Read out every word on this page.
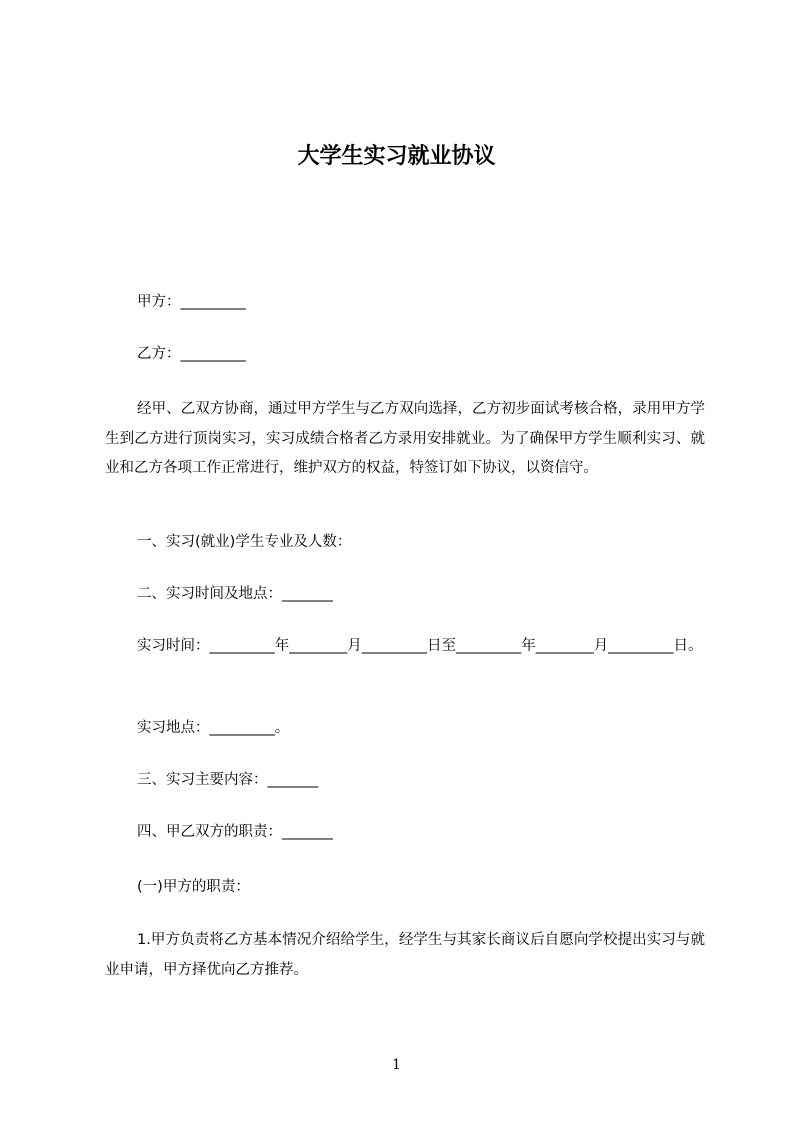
大学生实习就业协议
甲方：_________
乙方：_________
经甲、乙双方协商，通过甲方学生与乙方双向选择，乙方初步面试考核合格，录用甲方学生到乙方进行顶岗实习，实习成绩合格者乙方录用安排就业。为了确保甲方学生顺利实习、就业和乙方各项工作正常进行，维护双方的权益，特签订如下协议，以资信守。
一、实习(就业)学生专业及人数：
二、实习时间及地点：_______
实习时间：_________年________月_________日至_________年________月_________日。
实习地点：_________。
三、实习主要内容：_______
四、甲乙双方的职责：_______
(一)甲方的职责：
1.甲方负责将乙方基本情况介绍给学生，经学生与其家长商议后自愿向学校提出实习与就业申请，甲方择优向乙方推荐。
1
